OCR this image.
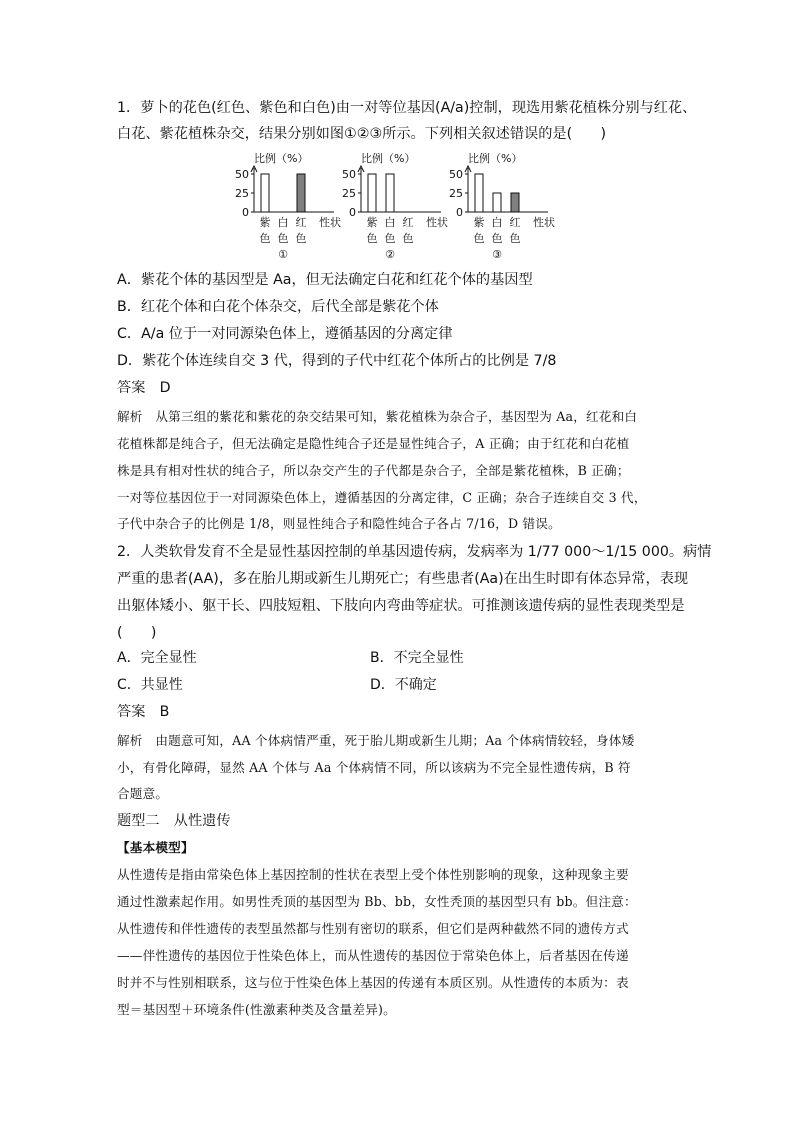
1．萝卜的花色(红色、紫色和白色)由一对等位基因(A/a)控制，现选用紫花植株分别与红花、
白花、紫花植株杂交，结果分别如图①②③所示。下列相关叙述错误的是(　　)
比例（%）
50
25
0
紫
色
白
色
红
色
性状
①
比例（%）
50
25
0
紫
色
白
色
红
色
性状
②
比例（%）
50
25
0
紫
色
白
色
红
色
性状
③
A．紫花个体的基因型是 Aa，但无法确定白花和红花个体的基因型
B．红花个体和白花个体杂交，后代全部是紫花个体
C．A/a 位于一对同源染色体上，遵循基因的分离定律
D．紫花个体连续自交 3 代，得到的子代中红花个体所占的比例是 7/8
答案　 D
解析　从第三组的紫花和紫花的杂交结果可知，紫花植株为杂合子，基因型为 Aa，红花和白
花植株都是纯合子，但无法确定是隐性纯合子还是显性纯合子，A 正确；由于红花和白花植
株是具有相对性状的纯合子，所以杂交产生的子代都是杂合子，全部是紫花植株，B 正确；
一对等位基因位于一对同源染色体上，遵循基因的分离定律，C 正确；杂合子连续自交 3 代，
子代中杂合子的比例是 1/8，则显性纯合子和隐性纯合子各占 7/16，D 错误。
2．人类软骨发育不全是显性基因控制的单基因遗传病，发病率为 1/77 000～1/15 000。病情
严重的患者(AA)，多在胎儿期或新生儿期死亡；有些患者(Aa)在出生时即有体态异常，表现
出躯体矮小、躯干长、四肢短粗、下肢向内弯曲等症状。可推测该遗传病的显性表现类型是
(　　)
A．完全显性	B．不完全显性
C．共显性	D．不确定
答案　 B
解析　由题意可知，AA 个体病情严重，死于胎儿期或新生儿期；Aa 个体病情较轻，身体矮
小，有骨化障碍，显然 AA 个体与 Aa 个体病情不同，所以该病为不完全显性遗传病，B 符
合题意。
题型二　从性遗传
【基本模型】
从性遗传是指由常染色体上基因控制的性状在表型上受个体性别影响的现象，这种现象主要
通过性激素起作用。如男性秃顶的基因型为 Bb、bb，女性秃顶的基因型只有 bb。但注意：
从性遗传和伴性遗传的表型虽然都与性别有密切的联系，但它们是两种截然不同的遗传方式
——伴性遗传的基因位于性染色体上，而从性遗传的基因位于常染色体上，后者基因在传递
时并不与性别相联系，这与位于性染色体上基因的传递有本质区别。从性遗传的本质为：表
型＝基因型＋环境条件(性激素种类及含量差异)。
